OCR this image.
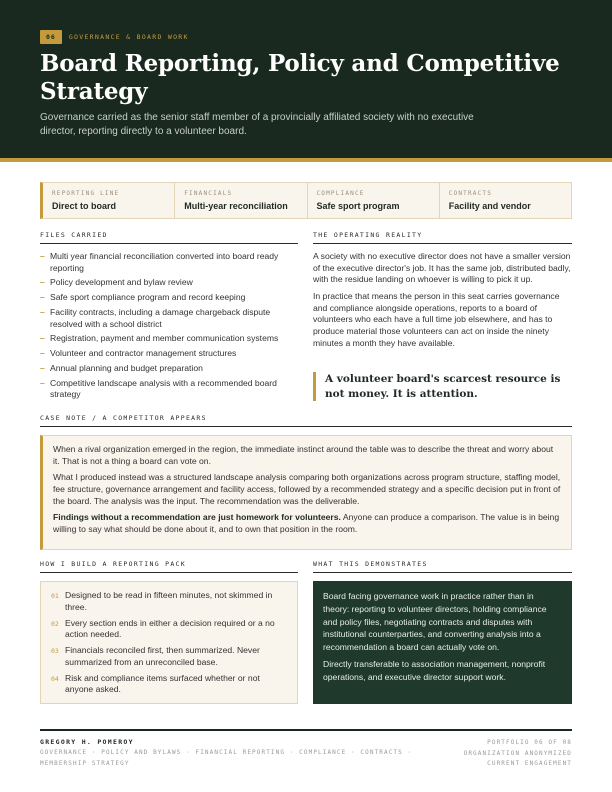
06	GOVERNANCE & BOARD WORK
Board Reporting, Policy and Competitive Strategy
Governance carried as the senior staff member of a provincially affiliated society with no executive director, reporting directly to a volunteer board.
REPORTING LINE
Direct to board
FINANCIALS
Multi-year reconciliation
COMPLIANCE
Safe sport program
CONTRACTS
Facility and vendor
FILES CARRIED
– Multi year financial reconciliation converted into board ready reporting
– Policy development and bylaw review
– Safe sport compliance program and record keeping
– Facility contracts, including a damage chargeback dispute resolved with a school district
– Registration, payment and member communication systems
– Volunteer and contractor management structures
– Annual planning and budget preparation
– Competitive landscape analysis with a recommended board strategy
THE OPERATING REALITY

A society with no executive director does not have a smaller version of the executive director's job. It has the same job, distributed badly, with the residue landing on whoever is willing to pick it up.

In practice that means the person in this seat carries governance and compliance alongside operations, reports to a board of volunteers who each have a full time job elsewhere, and has to produce material those volunteers can act on inside the ninety minutes a month they have available.

A volunteer board's scarcest resource is not money. It is attention.
CASE NOTE / A COMPETITOR APPEARS

When a rival organization emerged in the region, the immediate instinct around the table was to describe the threat and worry about it. That is not a thing a board can vote on.

What I produced instead was a structured landscape analysis comparing both organizations across program structure, staffing model, fee structure, governance arrangement and facility access, followed by a recommended strategy and a specific decision put in front of the board. The analysis was the input. The recommendation was the deliverable.

Findings without a recommendation are just homework for volunteers. Anyone can produce a comparison. The value is in being willing to say what should be done about it, and to own that position in the room.

HOW I BUILD A REPORTING PACK
01 Designed to be read in fifteen minutes, not skimmed in three.
02 Every section ends in either a decision required or a no action needed.
03 Financials reconciled first, then summarized. Never summarized from an unreconciled base.
04 Risk and compliance items surfaced whether or not anyone asked.
WHAT THIS DEMONSTRATES

Board facing governance work in practice rather than in theory: reporting to volunteer directors, holding compliance and policy files, negotiating contracts and disputes with institutional counterparties, and converting analysis into a recommendation a board can actually vote on.

Directly transferable to association management, nonprofit operations, and executive director support work.

GREGORY H. POMEROY
GOVERNANCE · POLICY AND BYLAWS · FINANCIAL REPORTING · COMPLIANCE · CONTRACTS · MEMBERSHIP STRATEGY
PORTFOLIO 06 OF 08
ORGANIZATION ANONYMIZED
CURRENT ENGAGEMENT
